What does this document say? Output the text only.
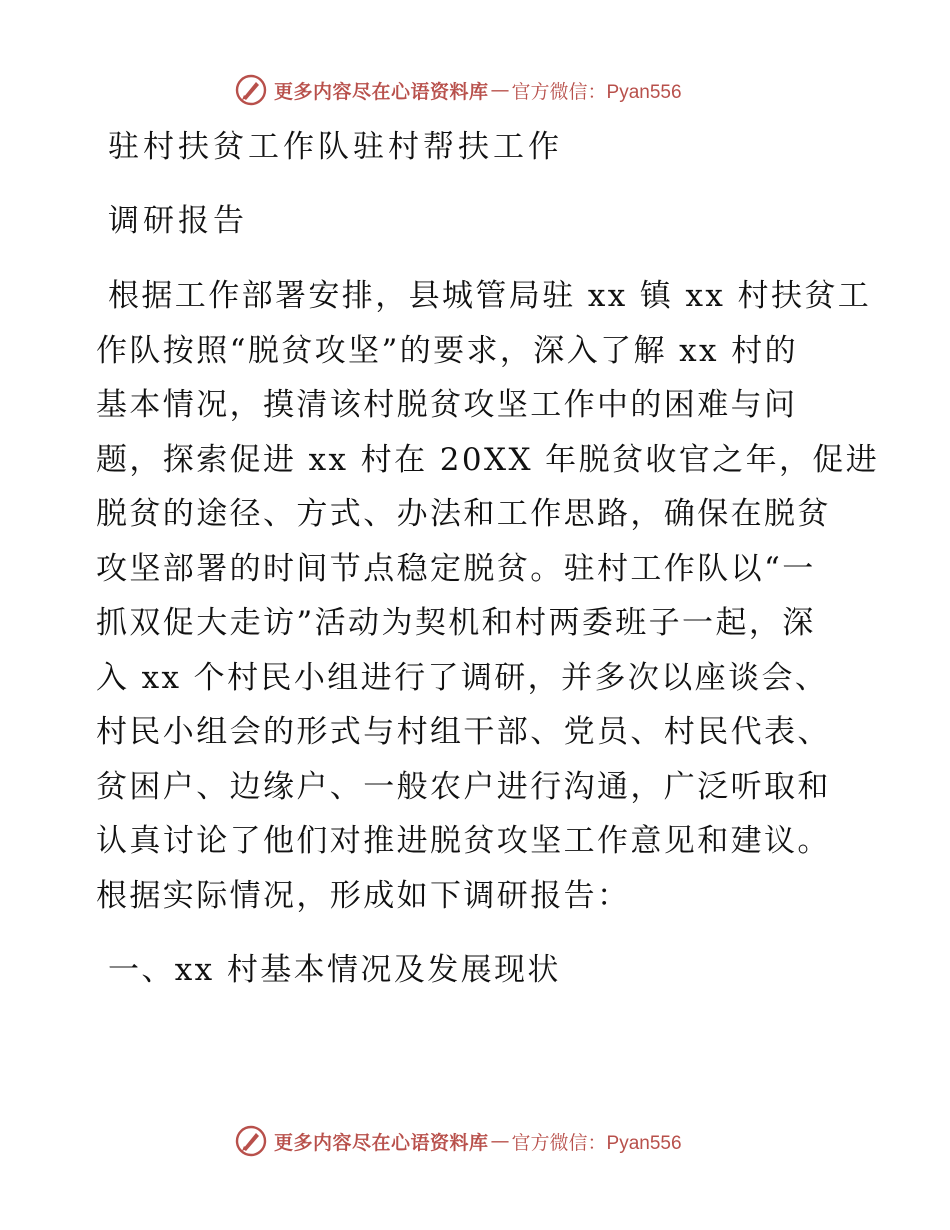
更多内容尽在心语资料库 — 官方微信：Pyan556
驻村扶贫工作队驻村帮扶工作
调研报告
根据工作部署安排，县城管局驻 xx 镇 xx 村扶贫工
作队按照“脱贫攻坚”的要求，深入了解 xx 村的
基本情况，摸清该村脱贫攻坚工作中的困难与问
题，探索促进 xx 村在 20XX 年脱贫收官之年，促进
脱贫的途径、方式、办法和工作思路，确保在脱贫
攻坚部署的时间节点稳定脱贫。驻村工作队以“一
抓双促大走访”活动为契机和村两委班子一起，深
入 xx 个村民小组进行了调研，并多次以座谈会、
村民小组会的形式与村组干部、党员、村民代表、
贫困户、边缘户、一般农户进行沟通，广泛听取和
认真讨论了他们对推进脱贫攻坚工作意见和建议。
根据实际情况，形成如下调研报告：
一、xx 村基本情况及发展现状
更多内容尽在心语资料库 — 官方微信：Pyan556
